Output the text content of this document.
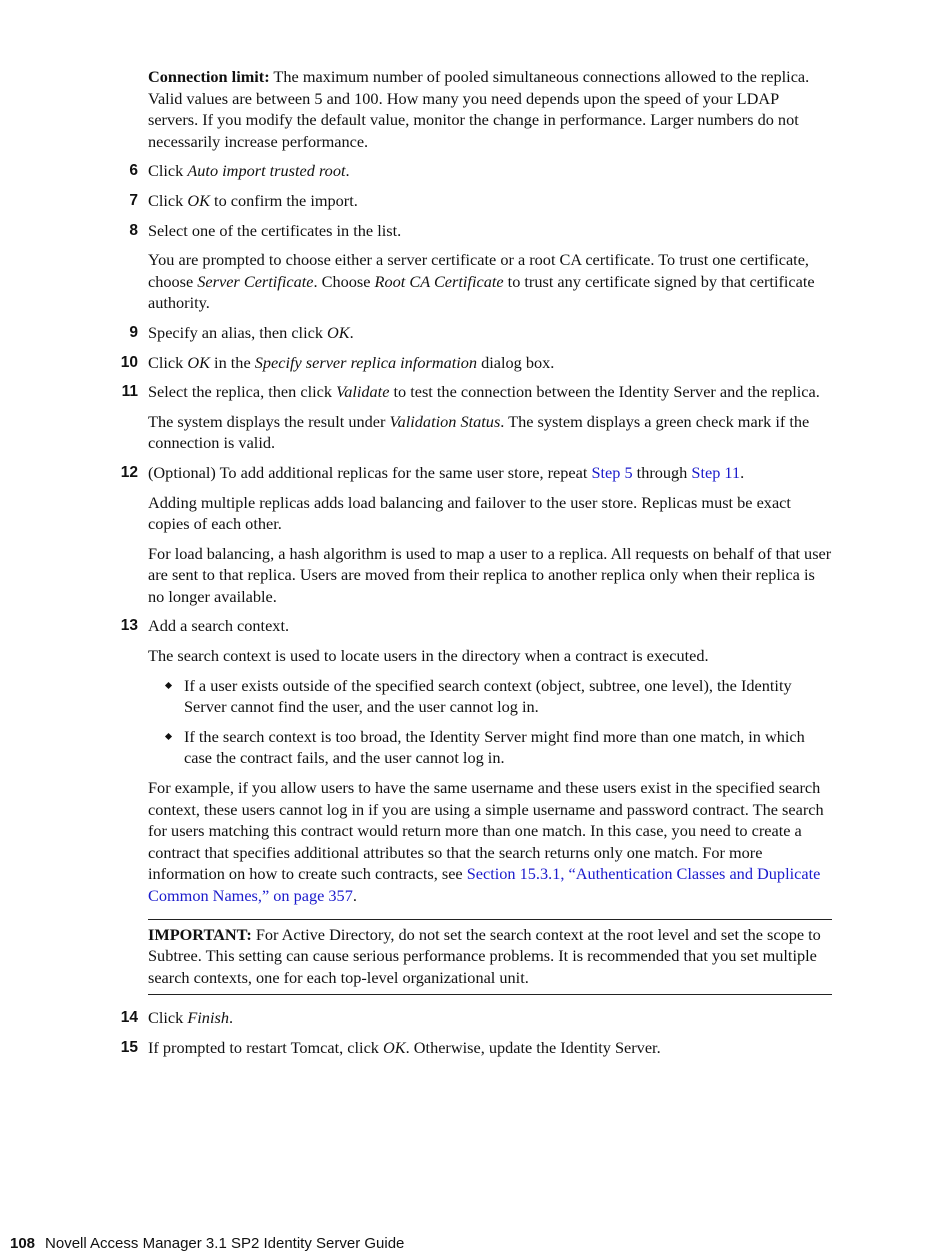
Connection limit: The maximum number of pooled simultaneous connections allowed to the replica. Valid values are between 5 and 100. How many you need depends upon the speed of your LDAP servers. If you modify the default value, monitor the change in performance. Larger numbers do not necessarily increase performance.

6 Click Auto import trusted root.
7 Click OK to confirm the import.
8 Select one of the certificates in the list.

You are prompted to choose either a server certificate or a root CA certificate. To trust one certificate, choose Server Certificate. Choose Root CA Certificate to trust any certificate signed by that certificate authority.

9 Specify an alias, then click OK.
10 Click OK in the Specify server replica information dialog box.
11 Select the replica, then click Validate to test the connection between the Identity Server and the replica.

The system displays the result under Validation Status. The system displays a green check mark if the connection is valid.

12 (Optional) To add additional replicas for the same user store, repeat Step 5 through Step 11.

Adding multiple replicas adds load balancing and failover to the user store. Replicas must be exact copies of each other.

For load balancing, a hash algorithm is used to map a user to a replica. All requests on behalf of that user are sent to that replica. Users are moved from their replica to another replica only when their replica is no longer available.

13 Add a search context.

The search context is used to locate users in the directory when a contract is executed.

If a user exists outside of the specified search context (object, subtree, one level), the Identity Server cannot find the user, and the user cannot log in.
If the search context is too broad, the Identity Server might find more than one match, in which case the contract fails, and the user cannot log in.

For example, if you allow users to have the same username and these users exist in the specified search context, these users cannot log in if you are using a simple username and password contract. The search for users matching this contract would return more than one match. In this case, you need to create a contract that specifies additional attributes so that the search returns only one match. For more information on how to create such contracts, see Section 15.3.1, “Authentication Classes and Duplicate Common Names,” on page 357.

IMPORTANT: For Active Directory, do not set the search context at the root level and set the scope to Subtree. This setting can cause serious performance problems. It is recommended that you set multiple search contexts, one for each top-level organizational unit.
14 Click Finish.
15 If prompted to restart Tomcat, click OK. Otherwise, update the Identity Server.
108 Novell Access Manager 3.1 SP2 Identity Server Guide
